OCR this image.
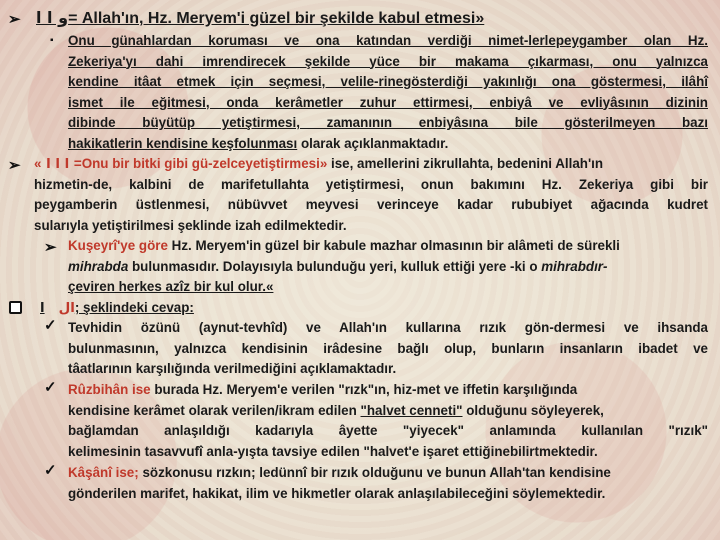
➢ و ا ا= Allah'ın, Hz. Meryem'i güzel bir şekilde kabul etmesi»
▪ Onu günahlardan koruması ve ona katından verdiği nimet-lerlepeygamber olan Hz.
Zekeriya'yı dahi imrendirecek şekilde yüce bir makama çıkarması, onu yalnızca
kendine itâat etmek için seçmesi, velile-rinegösterdiği yakınlığı ona göstermesi, ilâhî
ismet ile eğitmesi, onda kerâmetler zuhur ettirmesi, enbiyâ ve evliyâsının dizinin
dibinde büyütüp yetiştirmesi, zamanının enbiyâsına bile gösterilmeyen bazı
hakikatlerin kendisine keşfolunması olarak açıklanmaktadır.
➢ « ا ا ا =Onu bir bitki gibi gü-zelceyetiştirmesi» ise, amellerini zikrullahta, bedenini Allah'ın
hizmetin-de, kalbini de marifetullahta yetiştirmesi, onun bakımını Hz. Zekeriya gibi bir
peygamberin üstlenmesi, nübüvvet meyvesi verinceye kadar rububiyet ağacında kudret
sularıyla yetiştirilmesi şeklinde izah edilmektedir.
➢ Kuşeyrî'ye göre Hz. Meryem'in güzel bir kabule mazhar olmasının bir alâmeti de sürekli
mihrabda bulunmasıdır. Dolayısıyla bulunduğu yeri, kulluk ettiği yere -ki o mihrabdır-
çeviren herkes azîz bir kul olur.«
الا ; şeklindeki cevap:
✓ Tevhidin özünü (aynut-tevhîd) ve Allah'ın kullarına rızık gön-dermesi ve ihsanda
bulunmasının, yalnızca kendisinin irâdesine bağlı olup, bunların insanların ibadet ve
tâatlarının karşılığında verilmediğini açıklamaktadır.
✓ Rûzbihân ise burada Hz. Meryem'e verilen "rızk"ın, hiz-met ve iffetin karşılığında
kendisine kerâmet olarak verilen/ikram edilen "halvet cenneti" olduğunu söyleyerek,
bağlamdan anlaşıldığı kadarıyla âyette "yiyecek" anlamında kullanılan "rızık"
kelimesinin tasavvufî anla-yışta tavsiye edilen "halvet'e işaret ettiğinebilirtmektedir.
✓ Kâşânî ise; sözkonusu rızkın; ledünnî bir rızık olduğunu ve bunun Allah'tan kendisine
gönderilen marifet, hakikat, ilim ve hikmetler olarak anlaşılabileceğini söylemektedir.
